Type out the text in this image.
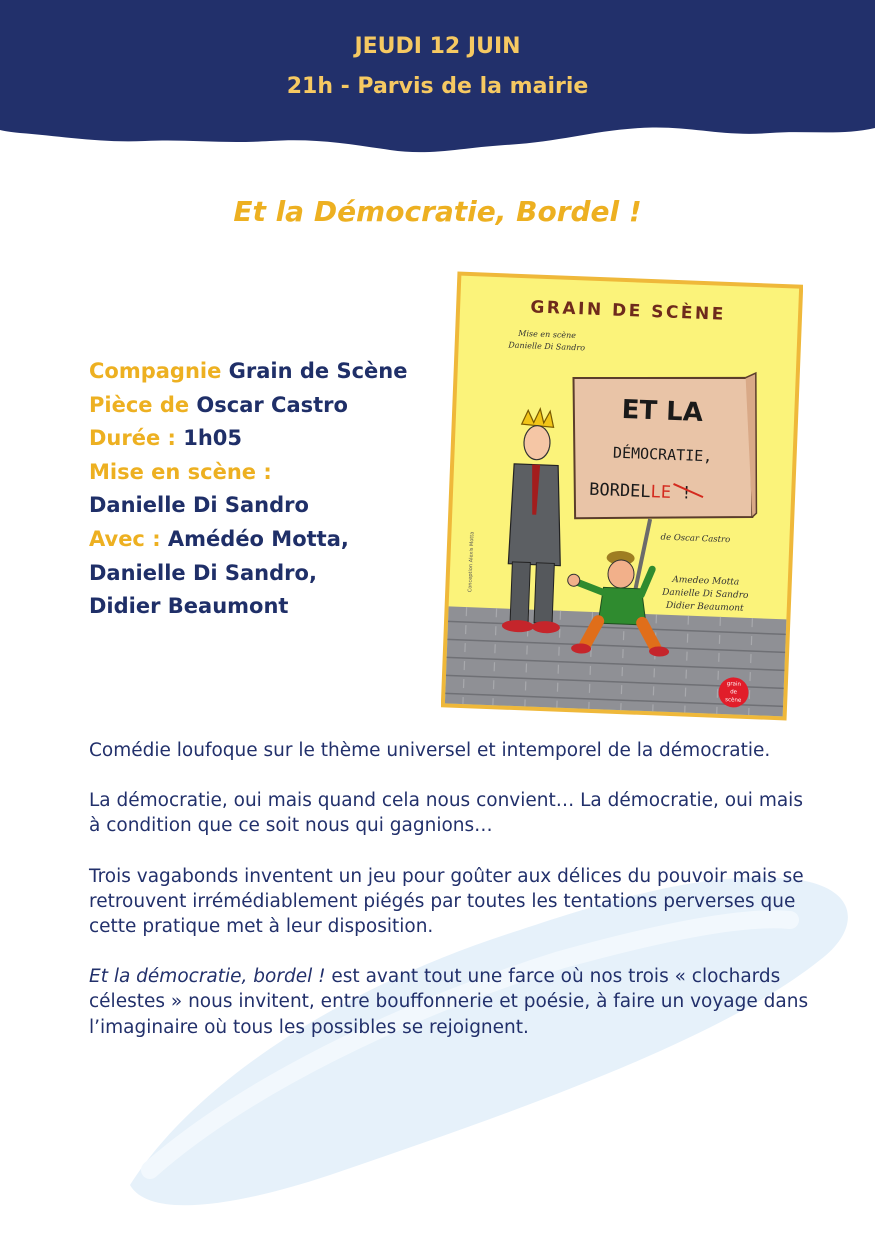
JEUDI 12 JUIN
21h - Parvis de la mairie
Et la Démocratie, Bordel !
Compagnie Grain de Scène
Pièce de Oscar Castro
Durée : 1h05
Mise en scène :
Danielle Di Sandro
Avec : Amédéo Motta,
Danielle Di Sandro,
Didier Beaumont
GRAIN DE SCÈNE
Mise en scène
Danielle Di Sandro
ET LA
DÉMOCRATIE,
BORDELLE !
de Oscar Castro
Amedeo Motta
Danielle Di Sandro
Didier Beaumont
Conception Alexis Motta
grain
de
scène

Comédie loufoque sur le thème universel et intemporel de la démocratie.

La démocratie, oui mais quand cela nous convient… La démocratie, oui mais à condition que ce soit nous qui gagnions…

Trois vagabonds inventent un jeu pour goûter aux délices du pouvoir mais se retrouvent irrémédiablement piégés par toutes les tentations perverses que cette pratique met à leur disposition.

Et la démocratie, bordel ! est avant tout une farce où nos trois « clochards célestes » nous invitent, entre bouffonnerie et poésie, à faire un voyage dans l’imaginaire où tous les possibles se rejoignent.
